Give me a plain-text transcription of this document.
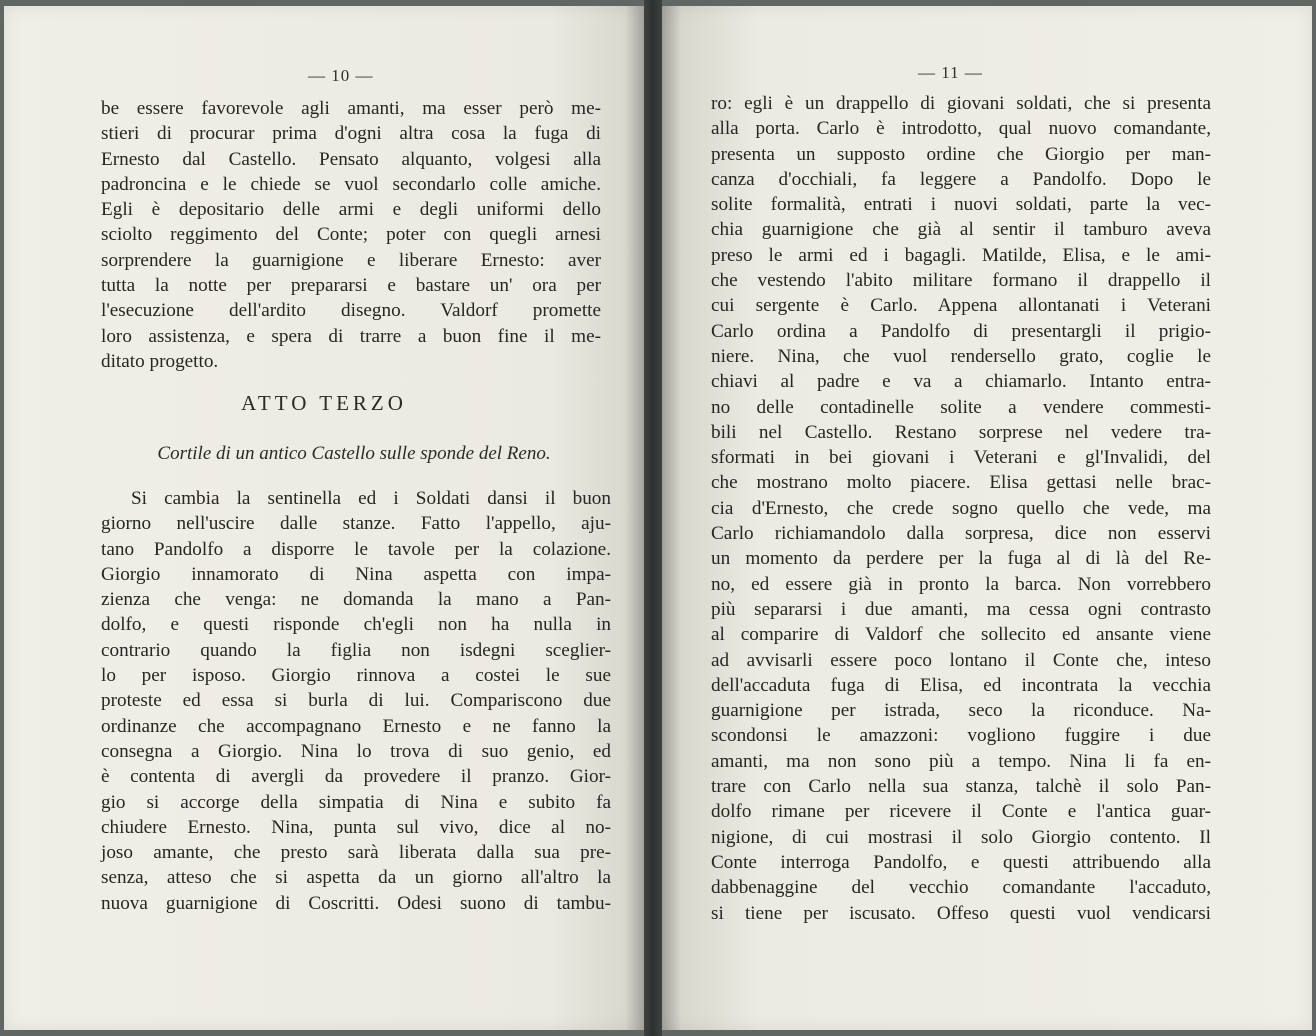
— 10 —
be essere favorevole agli amanti, ma esser però me-
stieri di procurar prima d'ogni altra cosa la fuga di
Ernesto dal Castello. Pensato alquanto, volgesi alla
padroncina e le chiede se vuol secondarlo colle amiche.
Egli è depositario delle armi e degli uniformi dello
sciolto reggimento del Conte; poter con quegli arnesi
sorprendere la guarnigione e liberare Ernesto: aver
tutta la notte per prepararsi e bastare un' ora per
l'esecuzione dell'ardito disegno. Valdorf promette
loro assistenza, e spera di trarre a buon fine il me-
ditato progetto.
ATTO TERZO
Cortile di un antico Castello sulle sponde del Reno.
Si cambia la sentinella ed i Soldati dansi il buon
giorno nell'uscire dalle stanze. Fatto l'appello, aju-
tano Pandolfo a disporre le tavole per la colazione.
Giorgio innamorato di Nina aspetta con impa-
zienza che venga: ne domanda la mano a Pan-
dolfo, e questi risponde ch'egli non ha nulla in
contrario quando la figlia non isdegni sceglier-
lo per isposo. Giorgio rinnova a costei le sue
proteste ed essa si burla di lui. Compariscono due
ordinanze che accompagnano Ernesto e ne fanno la
consegna a Giorgio. Nina lo trova di suo genio, ed
è contenta di avergli da provedere il pranzo. Gior-
gio si accorge della simpatia di Nina e subito fa
chiudere Ernesto. Nina, punta sul vivo, dice al no-
joso amante, che presto sarà liberata dalla sua pre-
senza, atteso che si aspetta da un giorno all'altro la
nuova guarnigione di Coscritti. Odesi suono di tambu-
— 11 —
ro: egli è un drappello di giovani soldati, che si presenta
alla porta. Carlo è introdotto, qual nuovo comandante,
presenta un supposto ordine che Giorgio per man-
canza d'occhiali, fa leggere a Pandolfo. Dopo le
solite formalità, entrati i nuovi soldati, parte la vec-
chia guarnigione che già al sentir il tamburo aveva
preso le armi ed i bagagli. Matilde, Elisa, e le ami-
che vestendo l'abito militare formano il drappello il
cui sergente è Carlo. Appena allontanati i Veterani
Carlo ordina a Pandolfo di presentargli il prigio-
niere. Nina, che vuol rendersello grato, coglie le
chiavi al padre e va a chiamarlo. Intanto entra-
no delle contadinelle solite a vendere commesti-
bili nel Castello. Restano sorprese nel vedere tra-
sformati in bei giovani i Veterani e gl'Invalidi, del
che mostrano molto piacere. Elisa gettasi nelle brac-
cia d'Ernesto, che crede sogno quello che vede, ma
Carlo richiamandolo dalla sorpresa, dice non esservi
un momento da perdere per la fuga al di là del Re-
no, ed essere già in pronto la barca. Non vorrebbero
più separarsi i due amanti, ma cessa ogni contrasto
al comparire di Valdorf che sollecito ed ansante viene
ad avvisarli essere poco lontano il Conte che, inteso
dell'accaduta fuga di Elisa, ed incontrata la vecchia
guarnigione per istrada, seco la riconduce. Na-
scondonsi le amazzoni: vogliono fuggire i due
amanti, ma non sono più a tempo. Nina li fa en-
trare con Carlo nella sua stanza, talchè il solo Pan-
dolfo rimane per ricevere il Conte e l'antica guar-
nigione, di cui mostrasi il solo Giorgio contento. Il
Conte interroga Pandolfo, e questi attribuendo alla
dabbenaggine del vecchio comandante l'accaduto,
si tiene per iscusato. Offeso questi vuol vendicarsi
